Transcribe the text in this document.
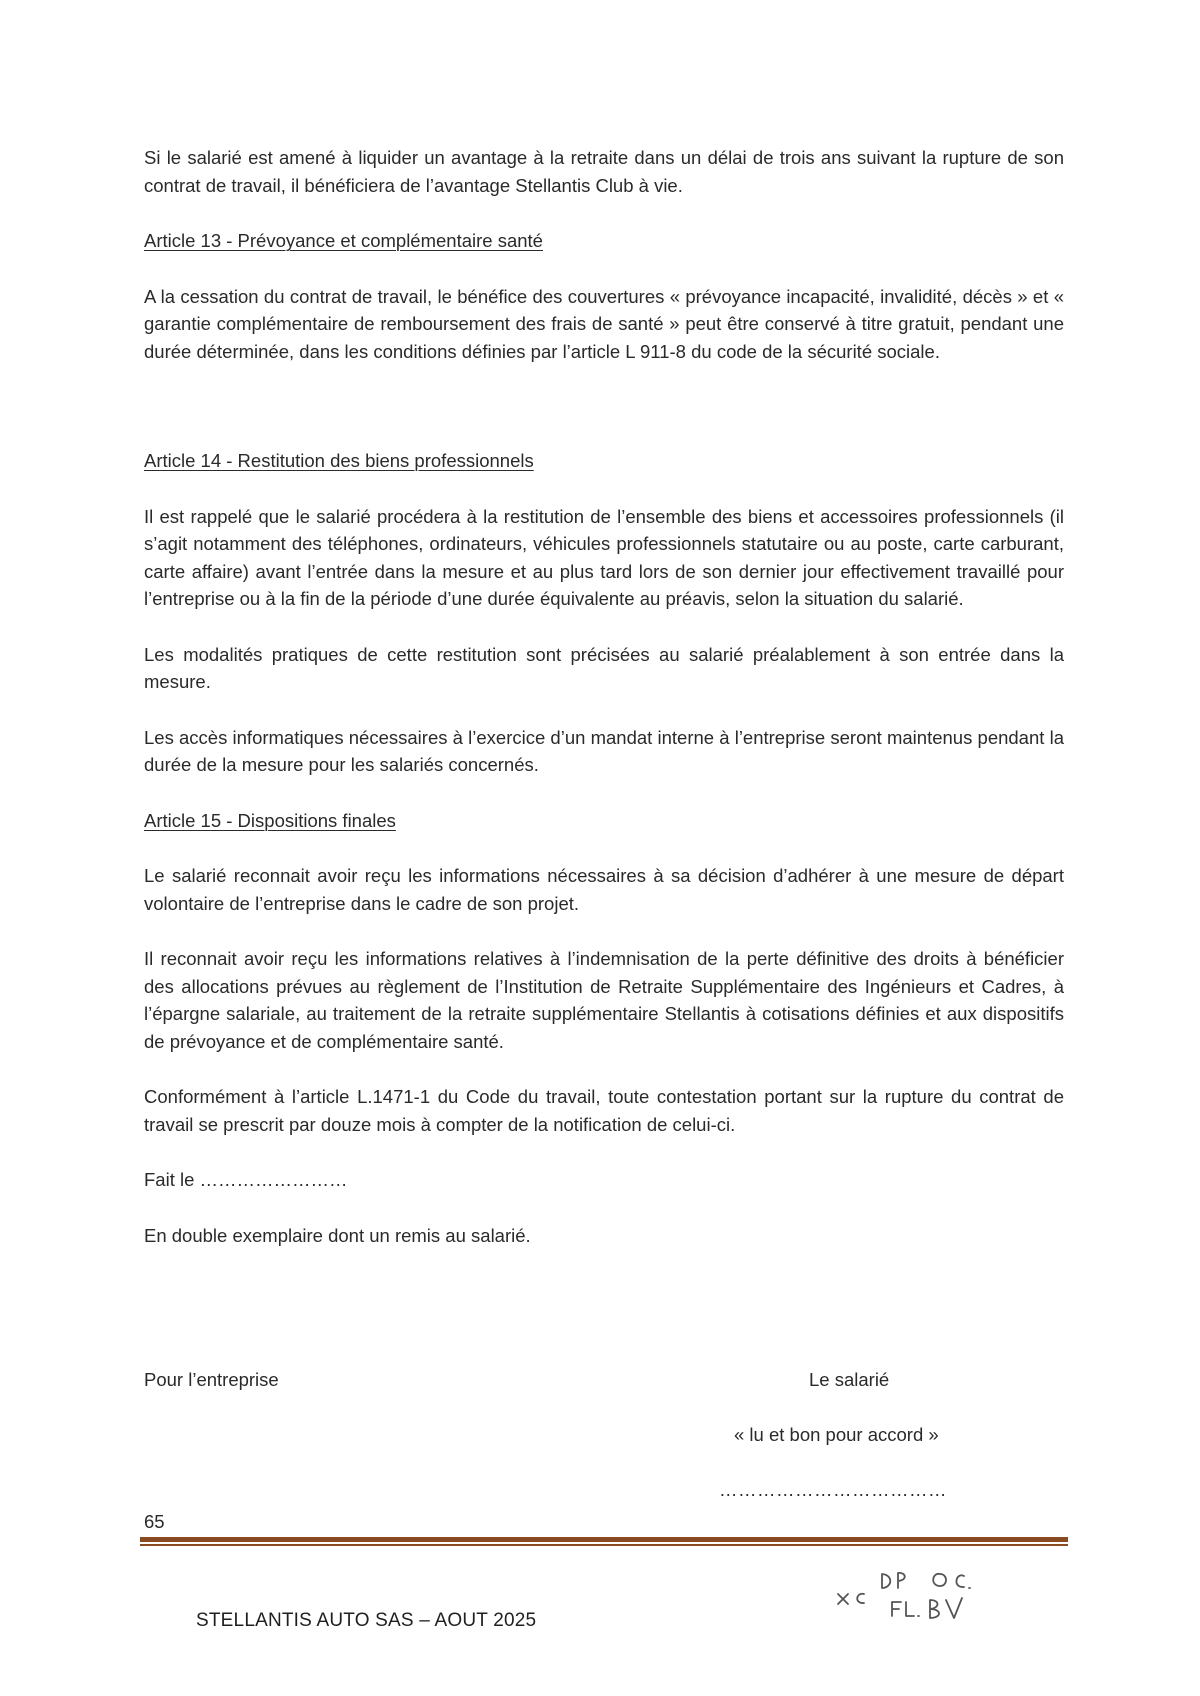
Si le salarié est amené à liquider un avantage à la retraite dans un délai de trois ans suivant la rupture de son contrat de travail, il bénéficiera de l’avantage Stellantis Club à vie.

Article 13 - Prévoyance et complémentaire santé

A la cessation du contrat de travail, le bénéfice des couvertures « prévoyance incapacité, invalidité, décès » et « garantie complémentaire de remboursement des frais de santé » peut être conservé à titre gratuit, pendant une durée déterminée, dans les conditions définies par l’article L 911-8 du code de la sécurité sociale.

Article 14 - Restitution des biens professionnels

Il est rappelé que le salarié procédera à la restitution de l’ensemble des biens et accessoires professionnels (il s’agit notamment des téléphones, ordinateurs, véhicules professionnels statutaire ou au poste, carte carburant, carte affaire) avant l’entrée dans la mesure et au plus tard lors de son dernier jour effectivement travaillé pour l’entreprise ou à la fin de la période d’une durée équivalente au préavis, selon la situation du salarié.

Les modalités pratiques de cette restitution sont précisées au salarié préalablement à son entrée dans la mesure.

Les accès informatiques nécessaires à l’exercice d’un mandat interne à l’entreprise seront maintenus pendant la durée de la mesure pour les salariés concernés.

Article 15 - Dispositions finales

Le salarié reconnait avoir reçu les informations nécessaires à sa décision d’adhérer à une mesure de départ volontaire de l’entreprise dans le cadre de son projet.

Il reconnait avoir reçu les informations relatives à l’indemnisation de la perte définitive des droits à bénéficier des allocations prévues au règlement de l’Institution de Retraite Supplémentaire des Ingénieurs et Cadres, à l’épargne salariale, au traitement de la retraite supplémentaire Stellantis à cotisations définies et aux dispositifs de prévoyance et de complémentaire santé.

Conformément à l’article L.1471-1 du Code du travail, toute contestation portant sur la rupture du contrat de travail se prescrit par douze mois à compter de la notification de celui-ci.

Fait le ……………………

En double exemplaire dont un remis au salarié.

Pour l’entreprise	Le salarié
« lu et bon pour accord »
………………………………
65
STELLANTIS AUTO SAS – AOUT 2025
